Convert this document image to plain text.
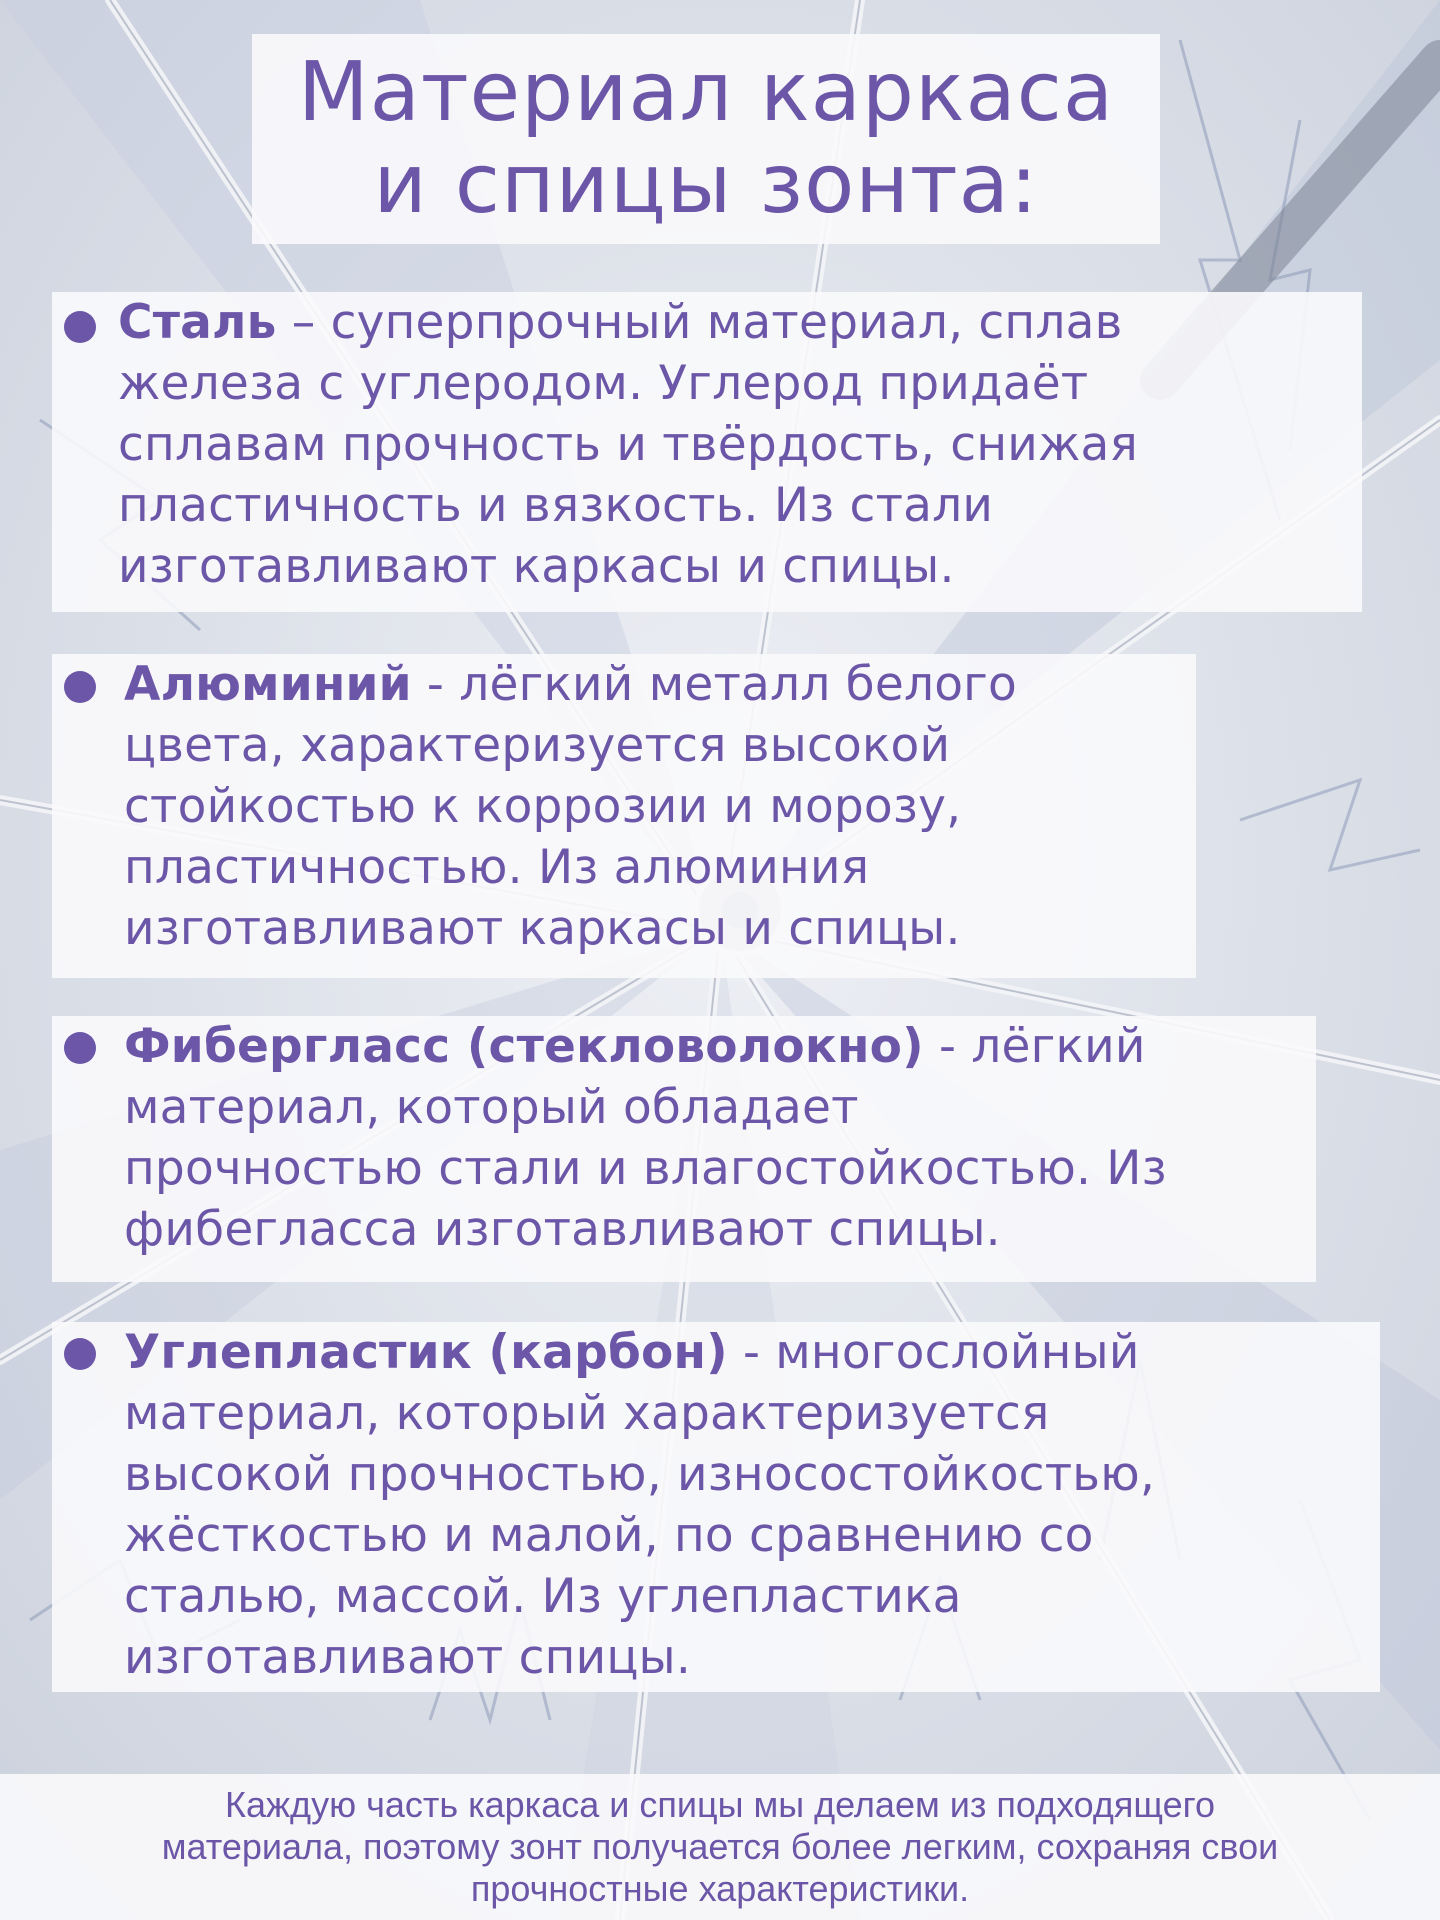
Материал каркаса
и спицы зонта:
Сталь – суперпрочный материал, сплав
железа с углеродом. Углерод придаёт
сплавам прочность и твёрдость, снижая
пластичность и вязкость. Из стали
изготавливают каркасы и спицы.
Алюминий - лёгкий металл белого
цвета, характеризуется высокой
стойкостью к коррозии и морозу,
пластичностью. Из алюминия
изготавливают каркасы и спицы.
Фибергласс (стекловолокно) - лёгкий
материал, который обладает
прочностью стали и влагостойкостью. Из
фибегласса изготавливают спицы.
Углепластик (карбон) - многослойный
материал, который характеризуется
высокой прочностью, износостойкостью,
жёсткостью и малой, по сравнению со
сталью, массой. Из углепластика
изготавливают спицы.
Каждую часть каркаса и спицы мы делаем из подходящего
материала, поэтому зонт получается более легким, сохраняя свои
прочностные характеристики.
